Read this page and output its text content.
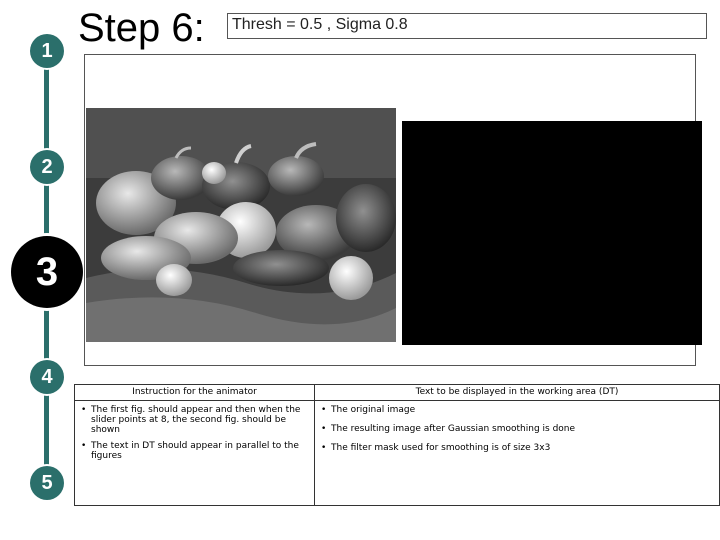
1
2
3
4
5
Step 6:	Thresh = 0.5 , Sigma 0.8
Instruction for the animator
• The first fig. should appear and then when the slider points at 8, the second fig. should be shown
• The text in DT should appear in parallel to the figures
Text to be displayed in the working area (DT)
• The original image
• The resulting image after Gaussian smoothing is done
• The filter mask used for smoothing is of size 3x3
